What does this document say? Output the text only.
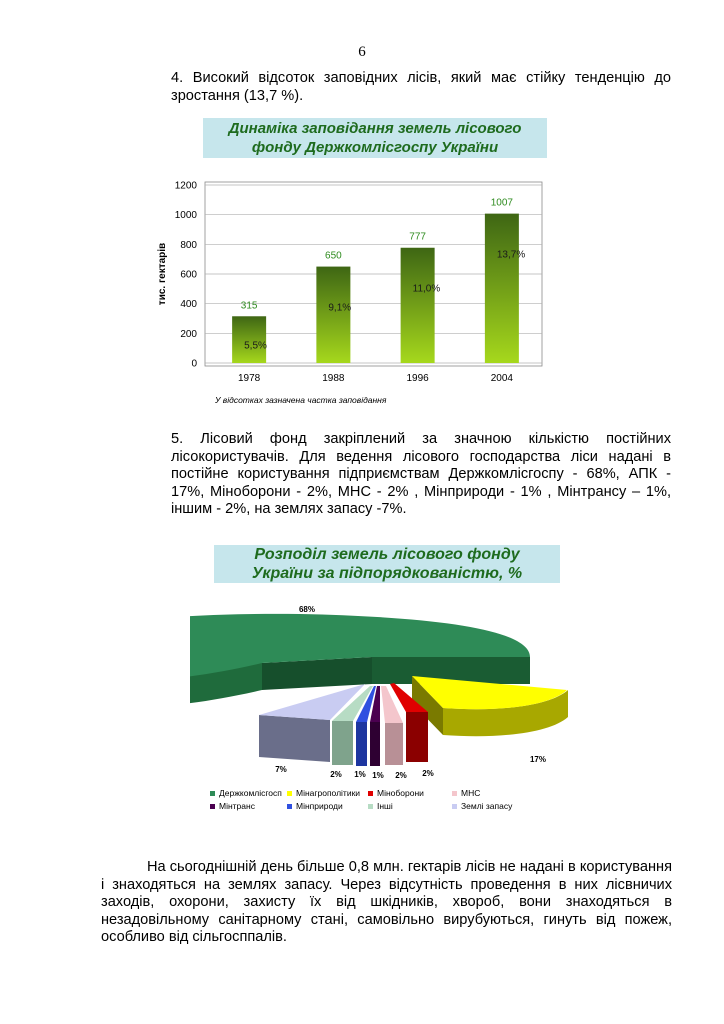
6
4. Високий відсоток заповідних лісів, який має стійку тенденцію до зростання (13,7 %).
Динаміка заповідання земель лісового
фонду Держкомлісгоспу України
0
200
400
600
800
1000
1200
315
5,5%
650
9,1%
777
11,0%
1007
13,7%
1978	1988	1996	2004
тис. гектарів
У відсотках зазначена частка заповідання
5. Лісовий фонд закріплений за значною кількістю постійних лісокористувачів. Для ведення лісового господарства ліси надані в постійне користування підприємствам Держкомлісгоспу - 68%, АПК - 17%, Міноборони - 2%, МНС - 2% , Мінприроди - 1% , Мінтрансу – 1%, іншим - 2%, на землях запасу -7%.
Розподіл земель лісового фонду
України за підпорядкованістю, %
68%
17%
2%
2%
1%
1%
2%
7%
Держкомлісгосп Мінагрополітики Міноборони	МНС
Мінтранс	Мінприроди	Інші	Землі запасу
На сьогоднішній день більше 0,8 млн. гектарів лісів не надані в користування і знаходяться на землях запасу. Через відсутність проведення в них лісвничих заходів, охорони, захисту їх від шкідників, хвороб, вони знаходяться в незадовільному санітарному стані, самовільно вирубуються, гинуть від пожеж, особливо від сільгосппалів.
